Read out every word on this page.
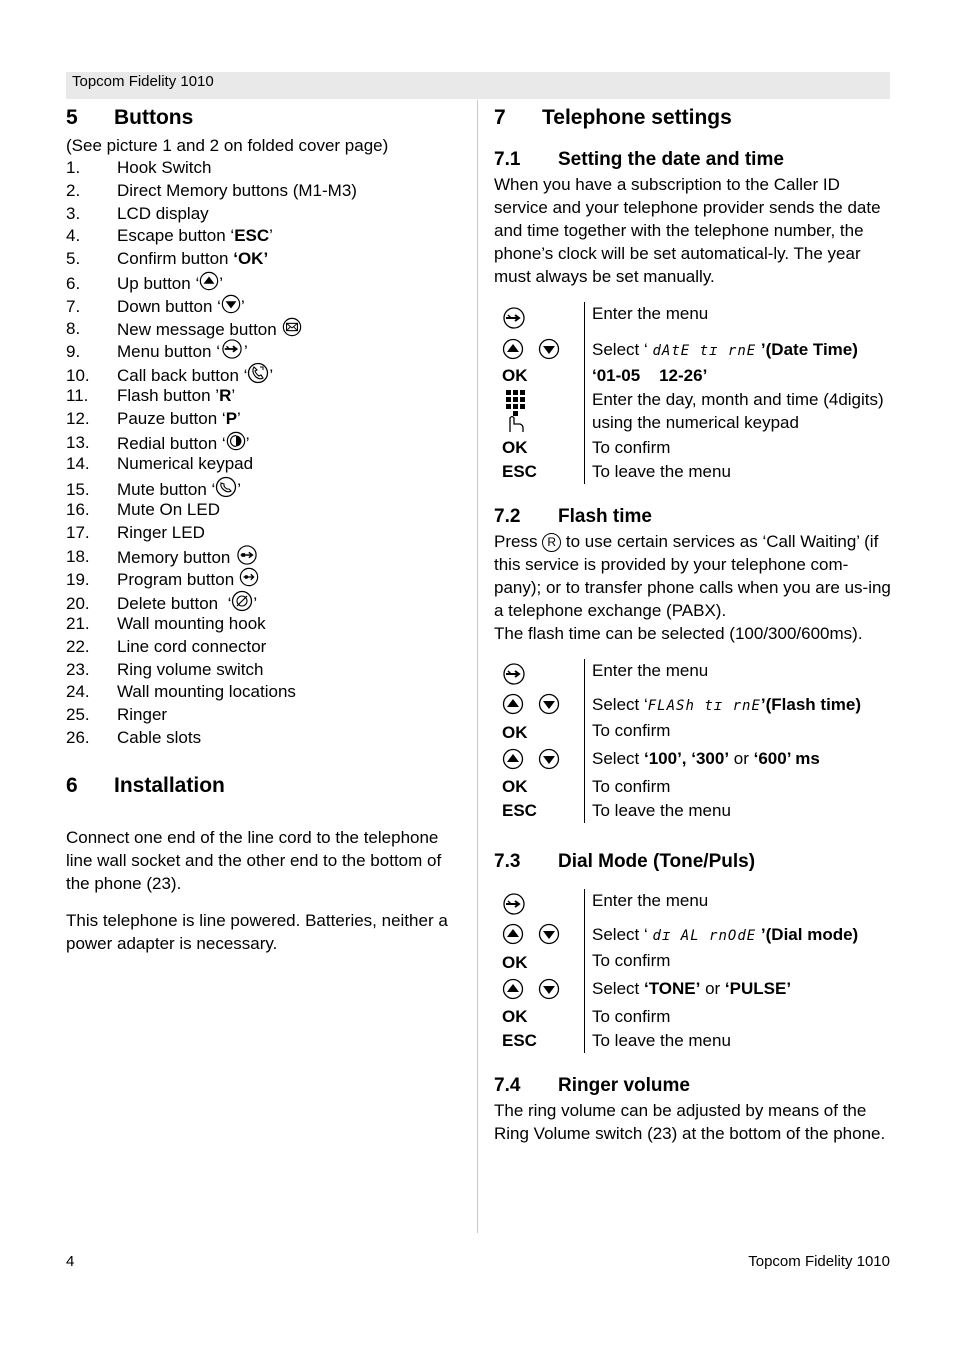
Topcom Fidelity 1010
5 Buttons

(See picture 1 and 2 on folded cover page)

1. Hook Switch
2. Direct Memory buttons (M1-M3)
3. LCD display
4. Escape button ‘ESC’
5. Confirm button ‘OK’
6. Up button ‘ ’
7. Down button ‘ ’
8. New message button
9. Menu button ‘ ’
10. Call back button ‘ ’
11. Flash button ’R’
12. Pauze button ‘P’
13. Redial button ‘ ’
14. Numerical keypad
15. Mute button ‘ ’
16. Mute On LED
17. Ringer LED
18. Memory button
19. Program button
20. Delete button  ‘ ’
21. Wall mounting hook
22. Line cord connector
23. Ring volume switch
24. Wall mounting locations
25. Ringer
26. Cable slots
6 Installation

Connect one end of the line cord to the telephone line wall socket and the other end to the bottom of the phone (23).

This telephone is line powered. Batteries, neither a power adapter is necessary.

7 Telephone settings
7.1 Setting the date and time

When you have a subscription to the Caller ID service and your telephone provider sends the date and time together with the telephone number, the phone’s clock will be set automatical-ly. The year must always be set manually.

Enter the menu
Select ‘ dAtE tɪ rnE ’(Date Time)
OK	‘01-05    12-26’
Enter the day, month and time (4digits) using the numerical keypad
OK	To confirm
ESC	To leave the menu
7.2 Flash time

Press R to use certain services as ‘Call Waiting’ (if this service is provided by your telephone com-pany); or to transfer phone calls when you are us-ing a telephone exchange (PABX).

The flash time can be selected (100/300/600ms).

Enter the menu
Select ‘FLASh tɪ rnE’(Flash time)
OK	To confirm
Select ‘100’, ‘300’ or ‘600’ ms
OK	To confirm
ESC	To leave the menu
7.3 Dial Mode (Tone/Puls)
Enter the menu
Select ‘ dɪ AL rnOdE ’(Dial mode)
OK	To confirm
Select ‘TONE’ or ‘PULSE’
OK	To confirm
ESC	To leave the menu
7.4 Ringer volume

The ring volume can be adjusted by means of the Ring Volume switch (23) at the bottom of the phone.

4	Topcom Fidelity 1010
